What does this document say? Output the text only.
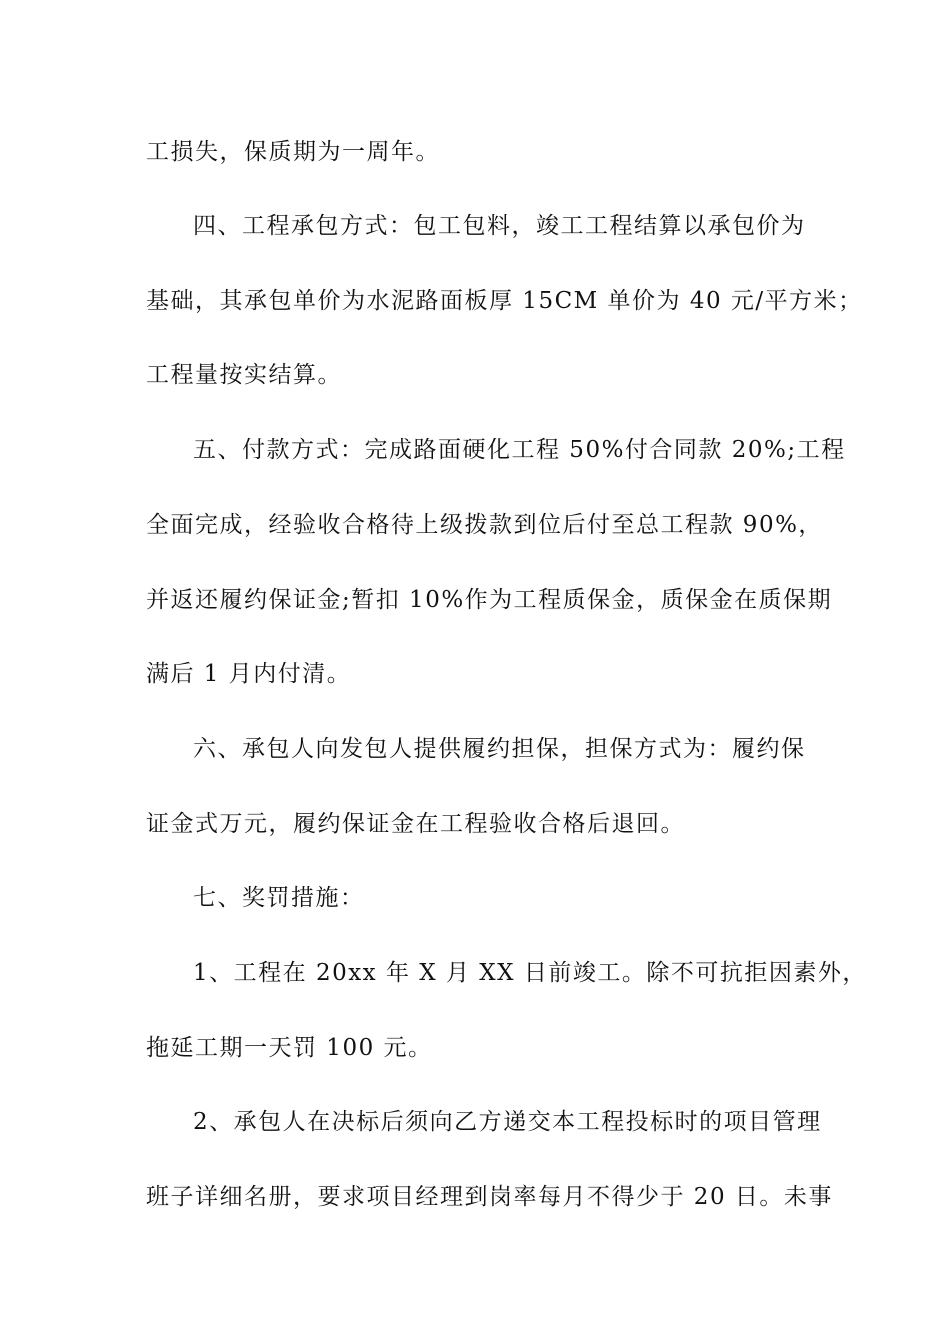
工损失，保质期为一周年。
四、工程承包方式：包工包料，竣工工程结算以承包价为
基础，其承包单价为水泥路面板厚 15CM 单价为 40 元/平方米；
工程量按实结算。
五、付款方式：完成路面硬化工程 50%付合同款 20%;工程
全面完成，经验收合格待上级拨款到位后付至总工程款 90%，
并返还履约保证金;暂扣 10%作为工程质保金，质保金在质保期
满后 1 月内付清。
六、承包人向发包人提供履约担保，担保方式为：履约保
证金式万元，履约保证金在工程验收合格后退回。
七、奖罚措施：
1、工程在 20xx 年 X 月 XX 日前竣工。除不可抗拒因素外，
拖延工期一天罚 100 元。
2、承包人在决标后须向乙方递交本工程投标时的项目管理
班子详细名册，要求项目经理到岗率每月不得少于 20 日。未事
